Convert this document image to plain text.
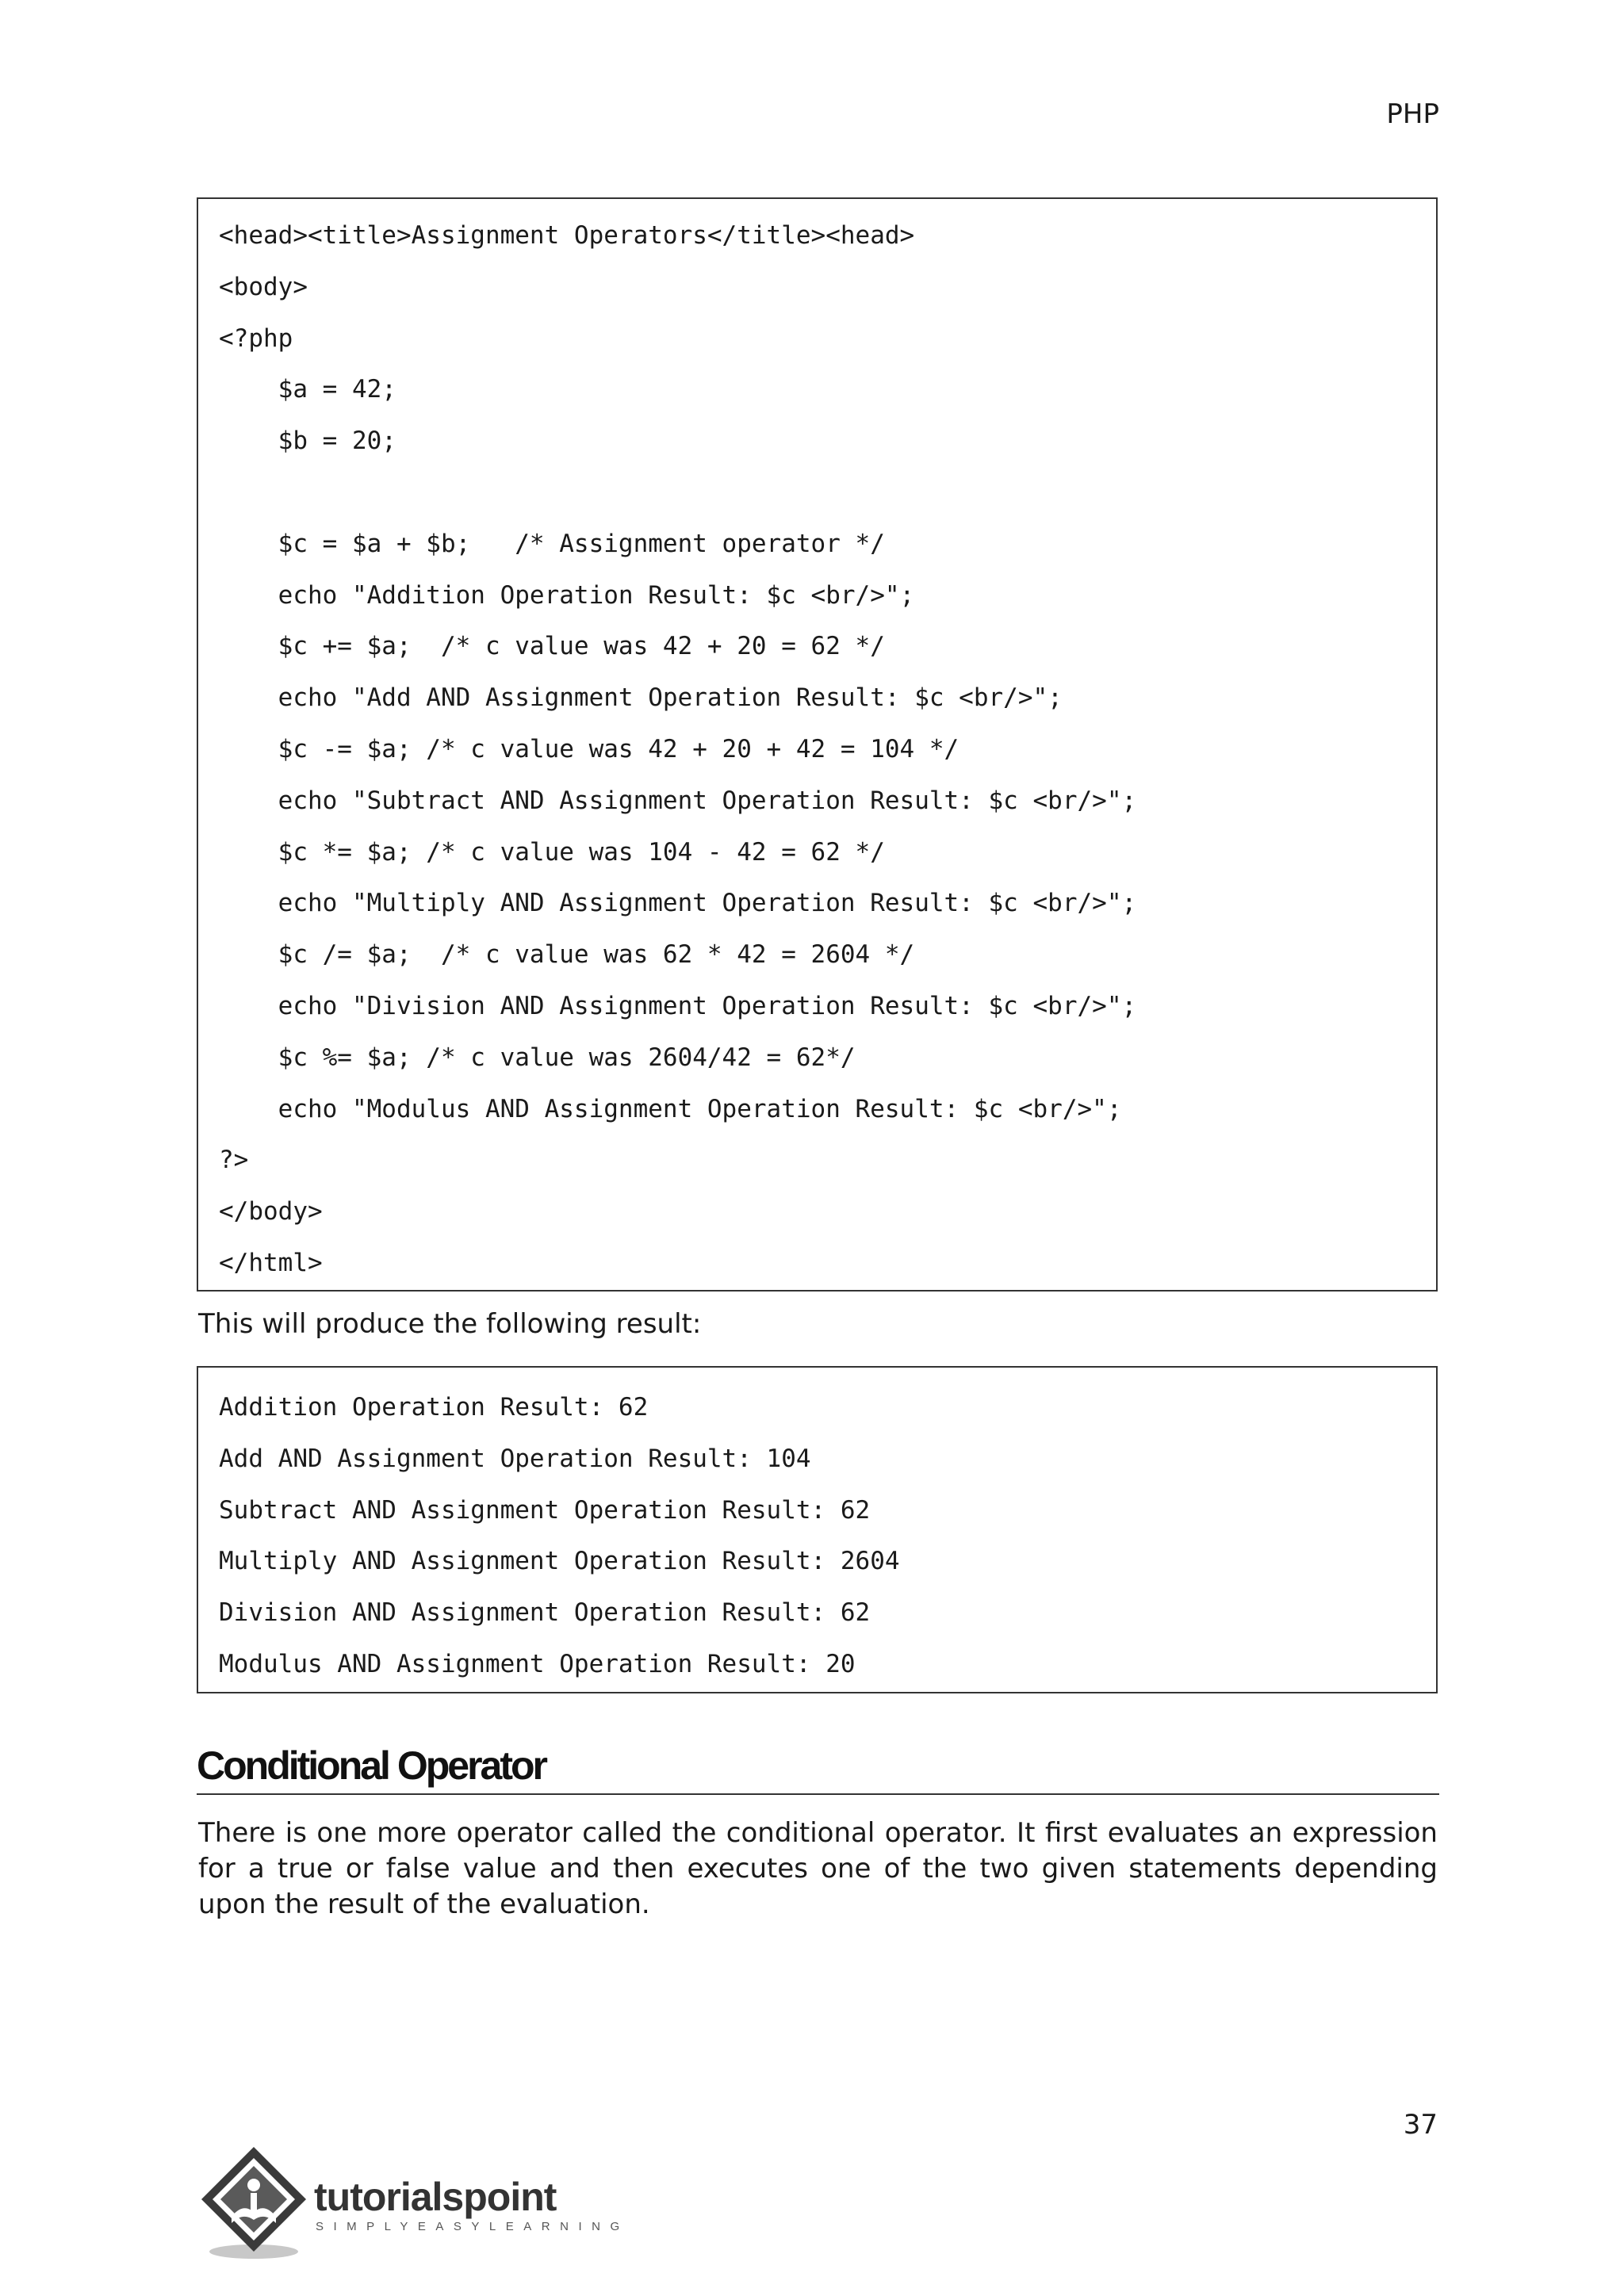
PHP
<head><title>Assignment Operators</title><head>
<body>
<?php
$a = 42;
$b = 20;
$c = $a + $b;   /* Assignment operator */
echo "Addition Operation Result: $c <br/>";
$c += $a;  /* c value was 42 + 20 = 62 */
echo "Add AND Assignment Operation Result: $c <br/>";
$c -= $a; /* c value was 42 + 20 + 42 = 104 */
echo "Subtract AND Assignment Operation Result: $c <br/>";
$c *= $a; /* c value was 104 - 42 = 62 */
echo "Multiply AND Assignment Operation Result: $c <br/>";
$c /= $a;  /* c value was 62 * 42 = 2604 */
echo "Division AND Assignment Operation Result: $c <br/>";
$c %= $a; /* c value was 2604/42 = 62*/
echo "Modulus AND Assignment Operation Result: $c <br/>";
?>
</body>
</html>
This will produce the following result:
Addition Operation Result: 62
Add AND Assignment Operation Result: 104
Subtract AND Assignment Operation Result: 62
Multiply AND Assignment Operation Result: 2604
Division AND Assignment Operation Result: 62
Modulus AND Assignment Operation Result: 20
Conditional Operator
There is one more operator called the conditional operator. It first evaluates an expression for a true or false value and then executes one of the two given statements depending upon the result of the evaluation.
37
tutorialspoint
SIMPLYEASYLEARNING
